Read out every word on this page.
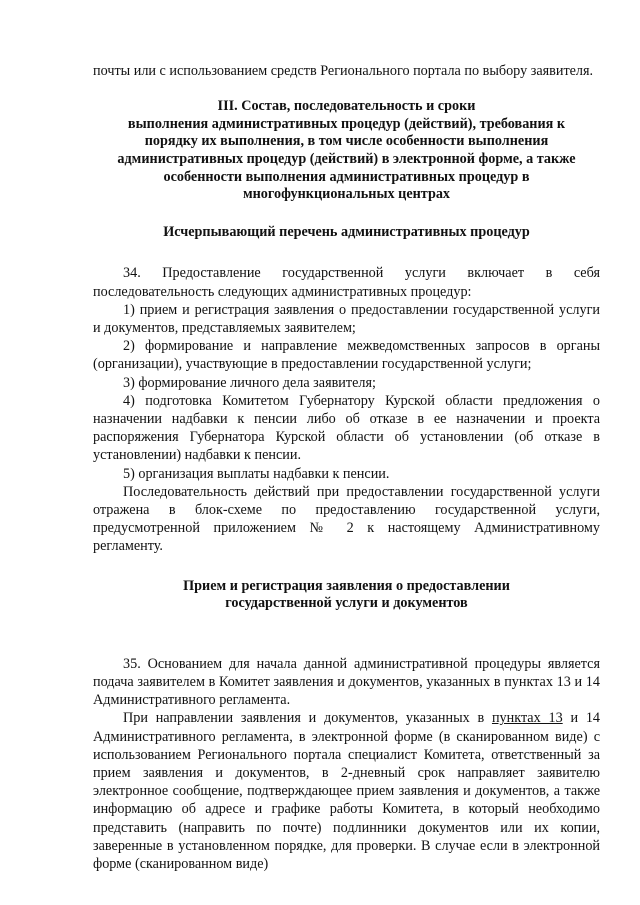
почты или с использованием средств Регионального портала по выбору заявителя.

III. Состав, последовательность и сроки
выполнения административных процедур (действий), требования к
порядку их выполнения, в том числе особенности выполнения
административных процедур (действий) в электронной форме, а также
особенности выполнения административных процедур в
многофункциональных центрах
Исчерпывающий перечень административных процедур

34. Предоставление государственной услуги включает в себя последовательность следующих административных процедур:

1) прием и регистрация заявления о предоставлении государственной услуги и документов, представляемых заявителем;

2) формирование и направление межведомственных запросов в органы (организации), участвующие в предоставлении государственной услуги;

3) формирование личного дела заявителя;

4) подготовка Комитетом Губернатору Курской области предложения о назначении надбавки к пенсии либо об отказе в ее назначении и проекта распоряжения Губернатора Курской области об установлении (об отказе в установлении) надбавки к пенсии.

5) организация выплаты надбавки к пенсии.

Последовательность действий при предоставлении государственной услуги отражена в блок-схеме по предоставлению государственной услуги, предусмотренной приложением № 2 к настоящему Административному регламенту.

Прием и регистрация заявления о предоставлении
государственной услуги и документов

35. Основанием для начала данной административной процедуры является подача заявителем в Комитет заявления и документов, указанных в пунктах 13 и 14 Административного регламента.

При направлении заявления и документов, указанных в пунктах 13 и 14 Административного регламента, в электронной форме (в сканированном виде) с использованием Регионального портала специалист Комитета, ответственный за прием заявления и документов, в 2-дневный срок направляет заявителю электронное сообщение, подтверждающее прием заявления и документов, а также информацию об адресе и графике работы Комитета, в который необходимо представить (направить по почте) подлинники документов или их копии, заверенные в установленном порядке, для проверки. В случае если в электронной форме (сканированном виде)
